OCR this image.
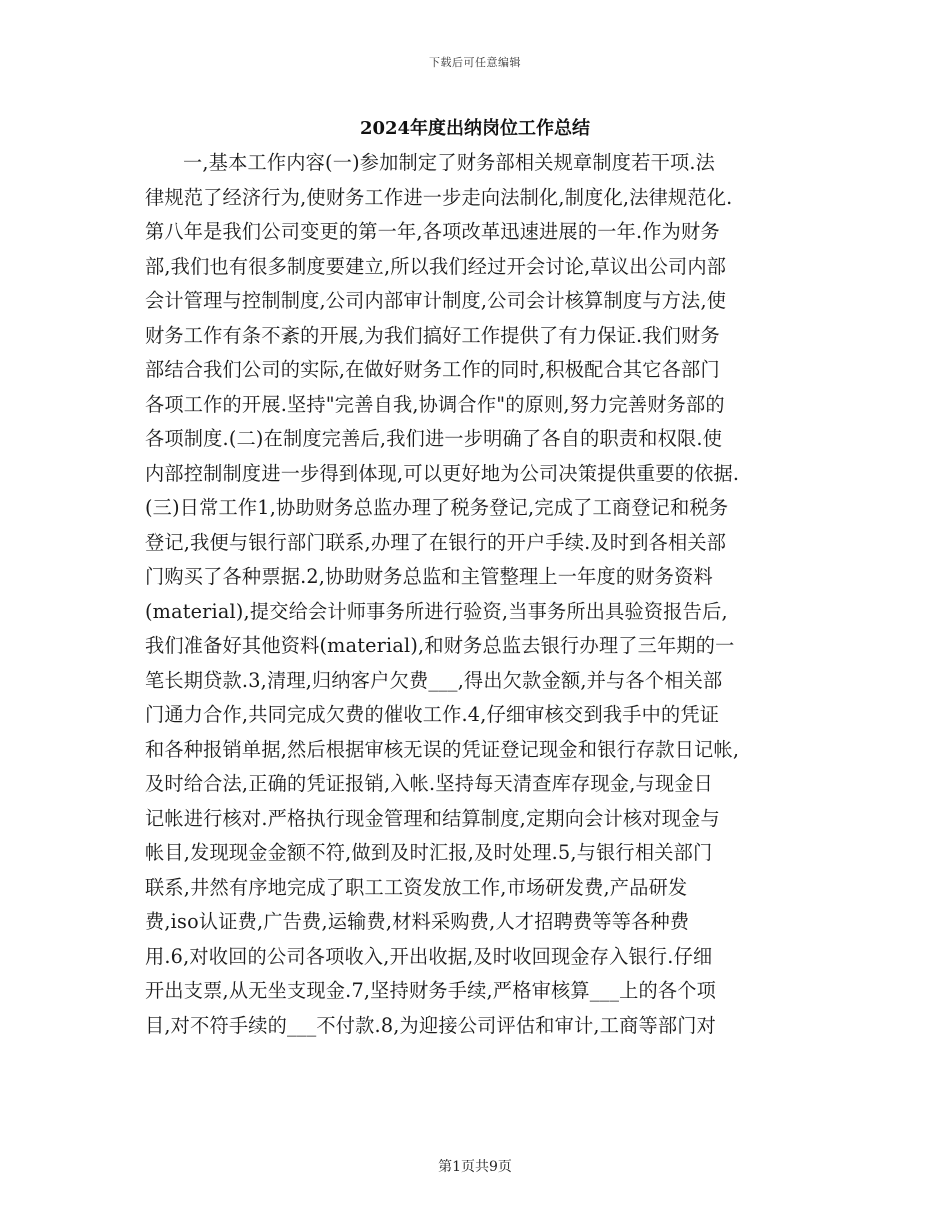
下载后可任意编辑
2024年度出纳岗位工作总结

一,基本工作内容(一)参加制定了财务部相关规章制度若干项.法

律规范了经济行为,使财务工作进一步走向法制化,制度化,法律规范化.

第八年是我们公司变更的第一年,各项改革迅速进展的一年.作为财务

部,我们也有很多制度要建立,所以我们经过开会讨论,草议出公司内部

会计管理与控制制度,公司内部审计制度,公司会计核算制度与方法,使

财务工作有条不紊的开展,为我们搞好工作提供了有力保证.我们财务

部结合我们公司的实际,在做好财务工作的同时,积极配合其它各部门

各项工作的开展.坚持"完善自我,协调合作"的原则,努力完善财务部的

各项制度.(二)在制度完善后,我们进一步明确了各自的职责和权限.使

内部控制制度进一步得到体现,可以更好地为公司决策提供重要的依据.

(三)日常工作1,协助财务总监办理了税务登记,完成了工商登记和税务

登记,我便与银行部门联系,办理了在银行的开户手续.及时到各相关部

门购买了各种票据.2,协助财务总监和主管整理上一年度的财务资料

(material),提交给会计师事务所进行验资,当事务所出具验资报告后,

我们准备好其他资料(material),和财务总监去银行办理了三年期的一

笔长期贷款.3,清理,归纳客户欠费___,得出欠款金额,并与各个相关部

门通力合作,共同完成欠费的催收工作.4,仔细审核交到我手中的凭证

和各种报销单据,然后根据审核无误的凭证登记现金和银行存款日记帐,

及时给合法,正确的凭证报销,入帐.坚持每天清查库存现金,与现金日

记帐进行核对.严格执行现金管理和结算制度,定期向会计核对现金与

帐目,发现现金金额不符,做到及时汇报,及时处理.5,与银行相关部门

联系,井然有序地完成了职工工资发放工作,市场研发费,产品研发

费,iso认证费,广告费,运输费,材料采购费,人才招聘费等等各种费

用.6,对收回的公司各项收入,开出收据,及时收回现金存入银行.仔细

开出支票,从无坐支现金.7,坚持财务手续,严格审核算___上的各个项

目,对不符手续的___不付款.8,为迎接公司评估和审计,工商等部门对

第1页共9页
